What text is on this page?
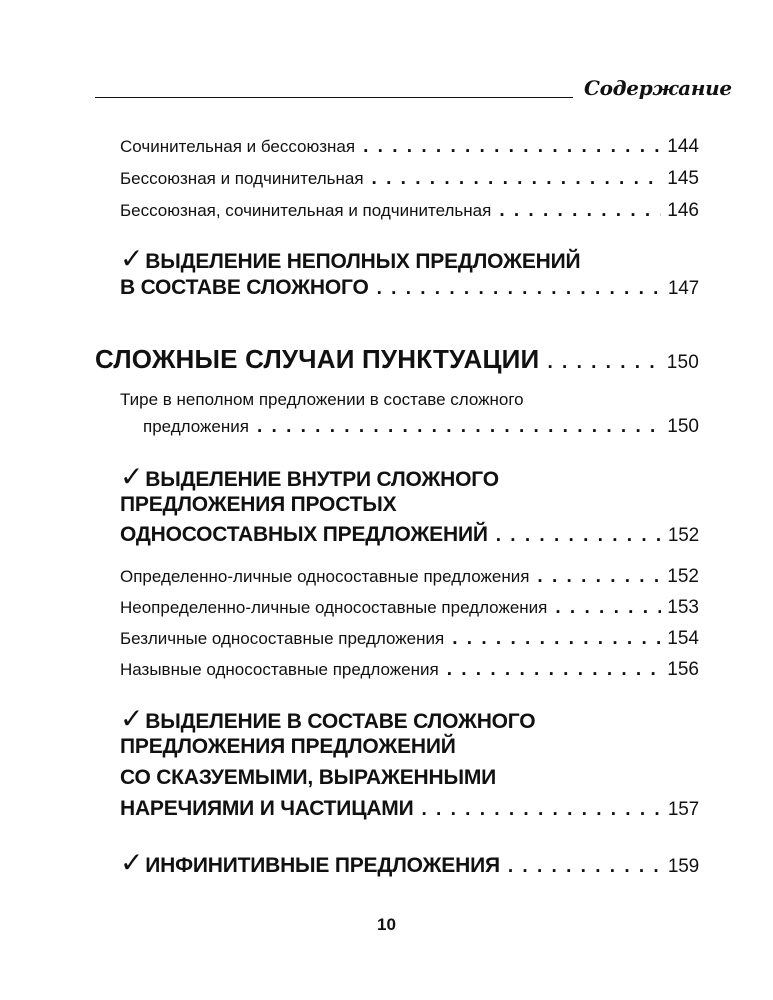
Содержание
Сочинительная и бессоюзная . . .	144
Бессоюзная и подчинительная . . .	145
Бессоюзная, сочинительная и подчинительная . . .	146
✓ВЫДЕЛЕНИЕ НЕПОЛНЫХ ПРЕДЛОЖЕНИЙ
В СОСТАВЕ СЛОЖНОГО . . .	147
СЛОЖНЫЕ СЛУЧАИ ПУНКТУАЦИИ . . .	150
Тире в неполном предложении в составе сложного
предложения . . .	150
✓ВЫДЕЛЕНИЕ ВНУТРИ СЛОЖНОГО
ПРЕДЛОЖЕНИЯ ПРОСТЫХ
ОДНОСОСТАВНЫХ ПРЕДЛОЖЕНИЙ . . .	152
Определенно-личные односоставные предложения . . .	152
Неопределенно-личные односоставные предложения . . .	153
Безличные односоставные предложения . . .	154
Назывные односоставные предложения . . .	156
✓ВЫДЕЛЕНИЕ В СОСТАВЕ СЛОЖНОГО
ПРЕДЛОЖЕНИЯ ПРЕДЛОЖЕНИЙ
СО СКАЗУЕМЫМИ, ВЫРАЖЕННЫМИ
НАРЕЧИЯМИ И ЧАСТИЦАМИ . . .	157
✓ИНФИНИТИВНЫЕ ПРЕДЛОЖЕНИЯ . . .	159
10
